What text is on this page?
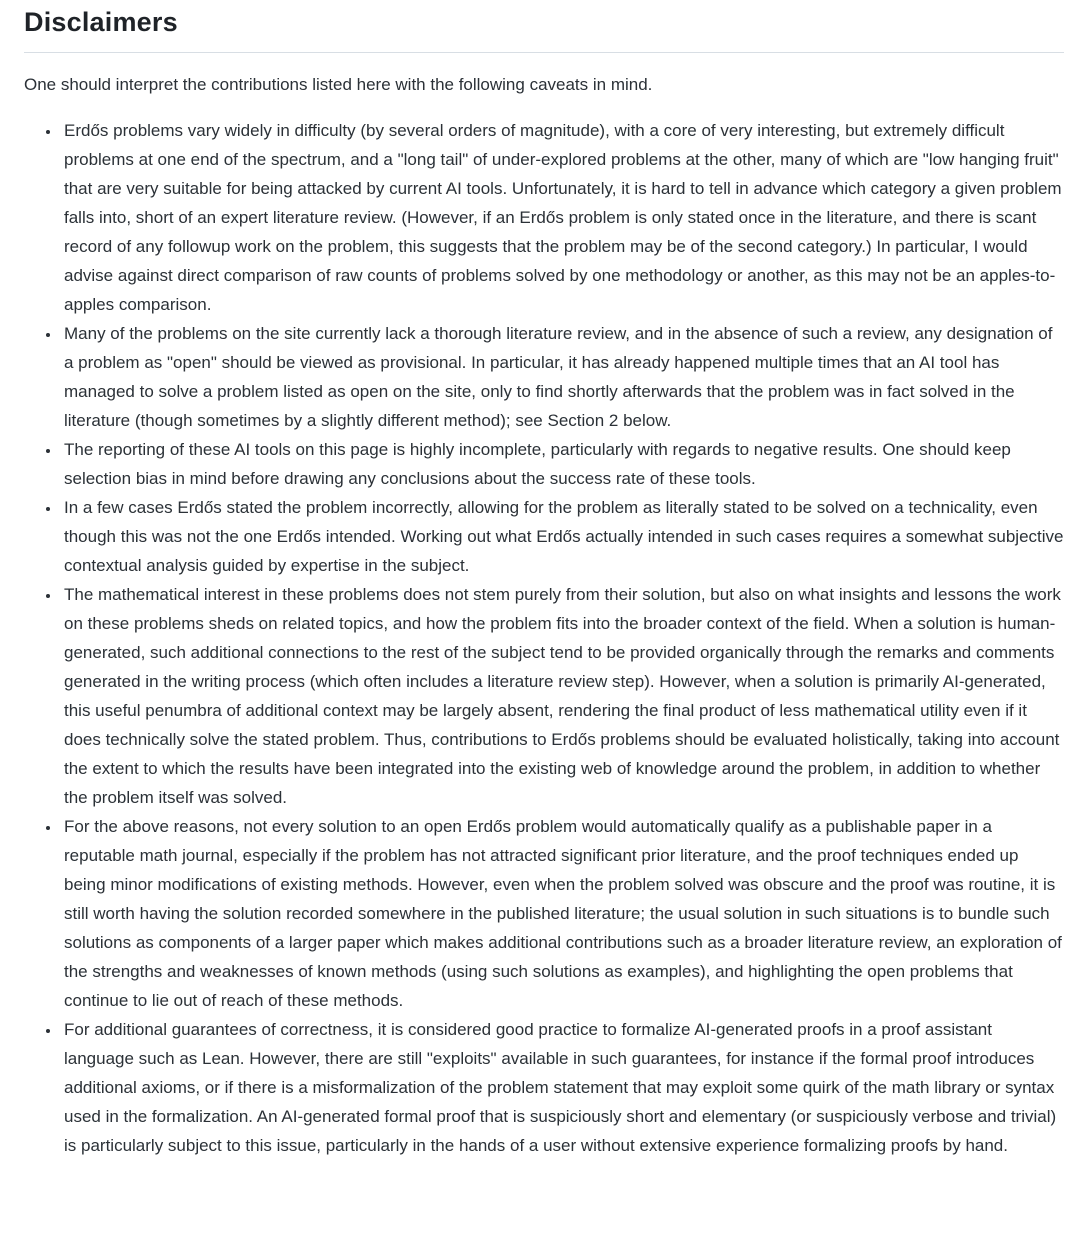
Disclaimers

One should interpret the contributions listed here with the following caveats in mind.

• Erdős problems vary widely in difficulty (by several orders of magnitude), with a core of very interesting, but extremely difficult problems at one end of the spectrum, and a "long tail" of under-explored problems at the other, many of which are "low hanging fruit" that are very suitable for being attacked by current AI tools. Unfortunately, it is hard to tell in advance which category a given problem falls into, short of an expert literature review. (However, if an Erdős problem is only stated once in the literature, and there is scant record of any followup work on the problem, this suggests that the problem may be of the second category.) In particular, I would advise against direct comparison of raw counts of problems solved by one methodology or another, as this may not be an apples-to-apples comparison.
• Many of the problems on the site currently lack a thorough literature review, and in the absence of such a review, any designation of a problem as "open" should be viewed as provisional. In particular, it has already happened multiple times that an AI tool has managed to solve a problem listed as open on the site, only to find shortly afterwards that the problem was in fact solved in the literature (though sometimes by a slightly different method); see Section 2 below.
• The reporting of these AI tools on this page is highly incomplete, particularly with regards to negative results. One should keep selection bias in mind before drawing any conclusions about the success rate of these tools.
• In a few cases Erdős stated the problem incorrectly, allowing for the problem as literally stated to be solved on a technicality, even though this was not the one Erdős intended. Working out what Erdős actually intended in such cases requires a somewhat subjective contextual analysis guided by expertise in the subject.
• The mathematical interest in these problems does not stem purely from their solution, but also on what insights and lessons the work on these problems sheds on related topics, and how the problem fits into the broader context of the field. When a solution is human-generated, such additional connections to the rest of the subject tend to be provided organically through the remarks and comments generated in the writing process (which often includes a literature review step). However, when a solution is primarily AI-generated, this useful penumbra of additional context may be largely absent, rendering the final product of less mathematical utility even if it does technically solve the stated problem. Thus, contributions to Erdős problems should be evaluated holistically, taking into account the extent to which the results have been integrated into the existing web of knowledge around the problem, in addition to whether the problem itself was solved.
• For the above reasons, not every solution to an open Erdős problem would automatically qualify as a publishable paper in a reputable math journal, especially if the problem has not attracted significant prior literature, and the proof techniques ended up being minor modifications of existing methods. However, even when the problem solved was obscure and the proof was routine, it is still worth having the solution recorded somewhere in the published literature; the usual solution in such situations is to bundle such solutions as components of a larger paper which makes additional contributions such as a broader literature review, an exploration of the strengths and weaknesses of known methods (using such solutions as examples), and highlighting the open problems that continue to lie out of reach of these methods.
• For additional guarantees of correctness, it is considered good practice to formalize AI-generated proofs in a proof assistant language such as Lean. However, there are still "exploits" available in such guarantees, for instance if the formal proof introduces additional axioms, or if there is a misformalization of the problem statement that may exploit some quirk of the math library or syntax used in the formalization. An AI-generated formal proof that is suspiciously short and elementary (or suspiciously verbose and trivial) is particularly subject to this issue, particularly in the hands of a user without extensive experience formalizing proofs by hand.
